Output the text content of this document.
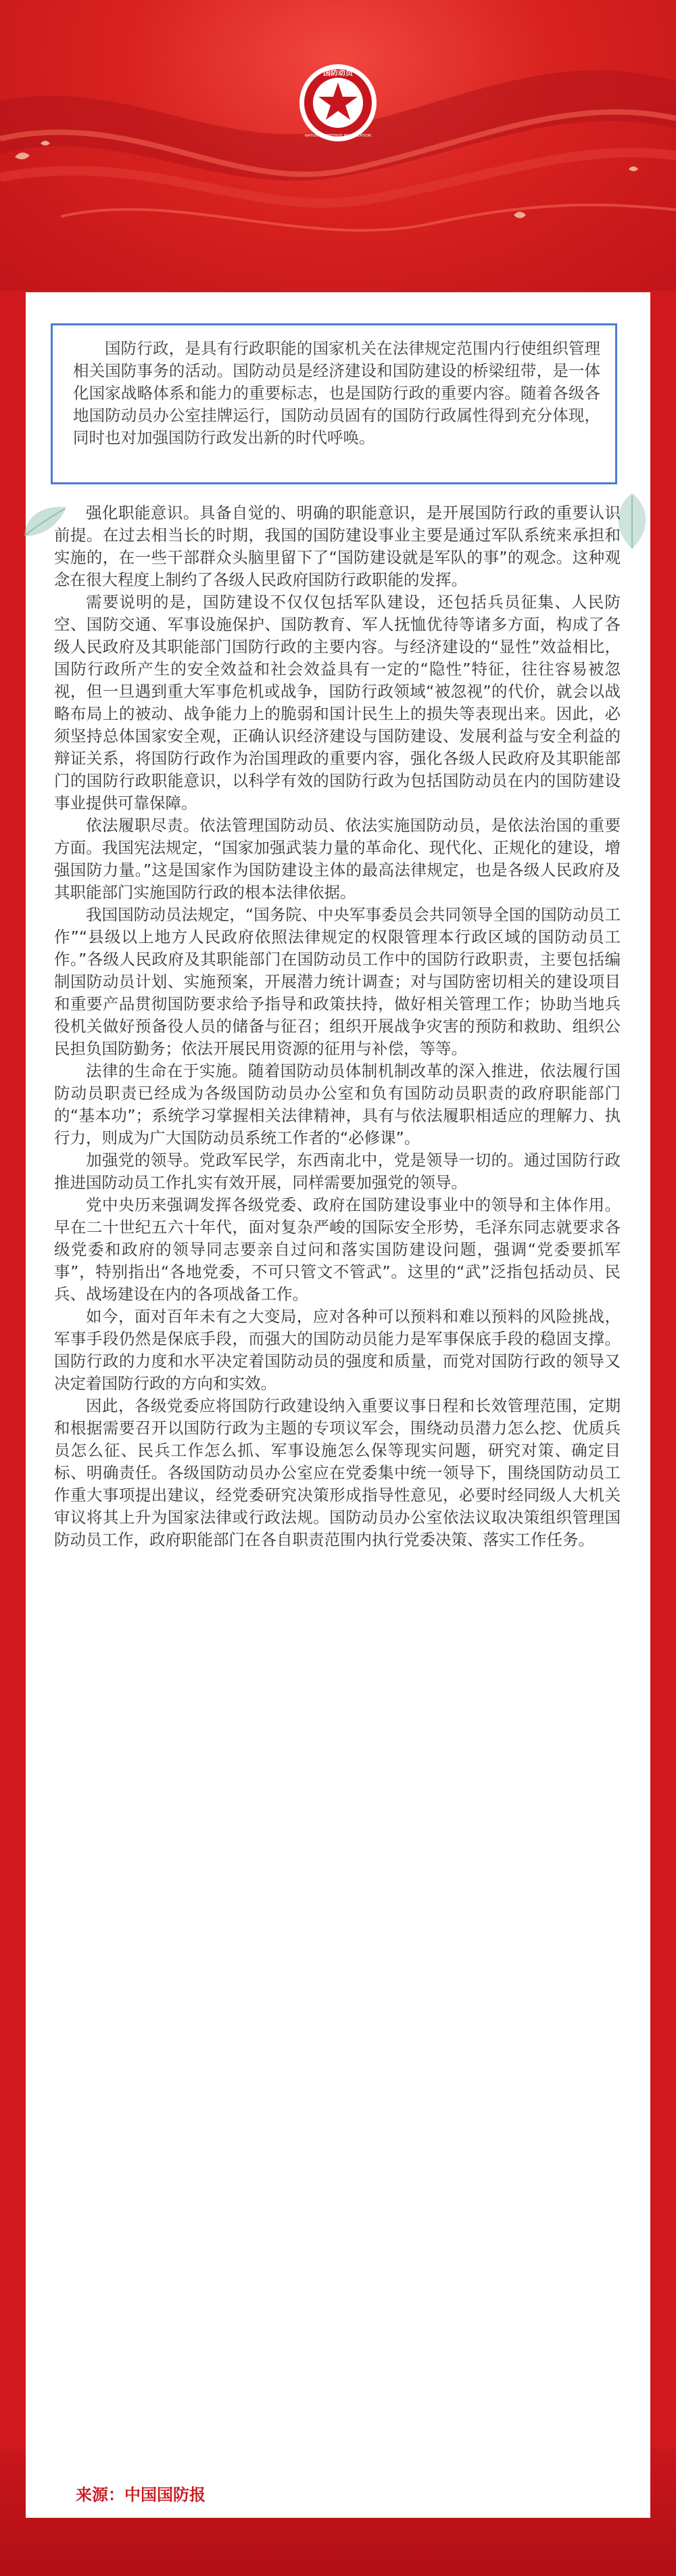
国防动员
NATIONAL DEFENSE MOBILIZATION

国防行政，是具有行政职能的国家机关在法律规定范围内行使组织管理相关国防事务的活动。国防动员是经济建设和国防建设的桥梁纽带，是一体化国家战略体系和能力的重要标志，也是国防行政的重要内容。随着各级各地国防动员办公室挂牌运行，国防动员固有的国防行政属性得到充分体现，同时也对加强国防行政发出新的时代呼唤。

强化职能意识。具备自觉的、明确的职能意识，是开展国防行政的重要认识前提。在过去相当长的时期，我国的国防建设事业主要是通过军队系统来承担和实施的，在一些干部群众头脑里留下了“国防建设就是军队的事”的观念。这种观念在很大程度上制约了各级人民政府国防行政职能的发挥。

需要说明的是，国防建设不仅仅包括军队建设，还包括兵员征集、人民防空、国防交通、军事设施保护、国防教育、军人抚恤优待等诸多方面，构成了各级人民政府及其职能部门国防行政的主要内容。与经济建设的“显性”效益相比，国防行政所产生的安全效益和社会效益具有一定的“隐性”特征，往往容易被忽视，但一旦遇到重大军事危机或战争，国防行政领域“被忽视”的代价，就会以战略布局上的被动、战争能力上的脆弱和国计民生上的损失等表现出来。因此，必须坚持总体国家安全观，正确认识经济建设与国防建设、发展利益与安全利益的辩证关系，将国防行政作为治国理政的重要内容，强化各级人民政府及其职能部门的国防行政职能意识，以科学有效的国防行政为包括国防动员在内的国防建设事业提供可靠保障。

依法履职尽责。依法管理国防动员、依法实施国防动员，是依法治国的重要方面。我国宪法规定，“国家加强武装力量的革命化、现代化、正规化的建设，增强国防力量。”这是国家作为国防建设主体的最高法律规定，也是各级人民政府及其职能部门实施国防行政的根本法律依据。

我国国防动员法规定，“国务院、中央军事委员会共同领导全国的国防动员工作”“县级以上地方人民政府依照法律规定的权限管理本行政区域的国防动员工作。”各级人民政府及其职能部门在国防动员工作中的国防行政职责，主要包括编制国防动员计划、实施预案，开展潜力统计调查；对与国防密切相关的建设项目和重要产品贯彻国防要求给予指导和政策扶持，做好相关管理工作；协助当地兵役机关做好预备役人员的储备与征召；组织开展战争灾害的预防和救助、组织公民担负国防勤务；依法开展民用资源的征用与补偿，等等。

法律的生命在于实施。随着国防动员体制机制改革的深入推进，依法履行国防动员职责已经成为各级国防动员办公室和负有国防动员职责的政府职能部门的“基本功”；系统学习掌握相关法律精神，具有与依法履职相适应的理解力、执行力，则成为广大国防动员系统工作者的“必修课”。

加强党的领导。党政军民学，东西南北中，党是领导一切的。通过国防行政推进国防动员工作扎实有效开展，同样需要加强党的领导。

党中央历来强调发挥各级党委、政府在国防建设事业中的领导和主体作用。早在二十世纪五六十年代，面对复杂严峻的国际安全形势，毛泽东同志就要求各级党委和政府的领导同志要亲自过问和落实国防建设问题，强调“党委要抓军事”，特别指出“各地党委，不可只管文不管武”。这里的“武”泛指包括动员、民兵、战场建设在内的各项战备工作。

如今，面对百年未有之大变局，应对各种可以预料和难以预料的风险挑战，军事手段仍然是保底手段，而强大的国防动员能力是军事保底手段的稳固支撑。国防行政的力度和水平决定着国防动员的强度和质量，而党对国防行政的领导又决定着国防行政的方向和实效。

因此，各级党委应将国防行政建设纳入重要议事日程和长效管理范围，定期和根据需要召开以国防行政为主题的专项议军会，围绕动员潜力怎么挖、优质兵员怎么征、民兵工作怎么抓、军事设施怎么保等现实问题，研究对策、确定目标、明确责任。各级国防动员办公室应在党委集中统一领导下，围绕国防动员工作重大事项提出建议，经党委研究决策形成指导性意见，必要时经同级人大机关审议将其上升为国家法律或行政法规。国防动员办公室依法议取决策组织管理国防动员工作，政府职能部门在各自职责范围内执行党委决策、落实工作任务。

来源：中国国防报
